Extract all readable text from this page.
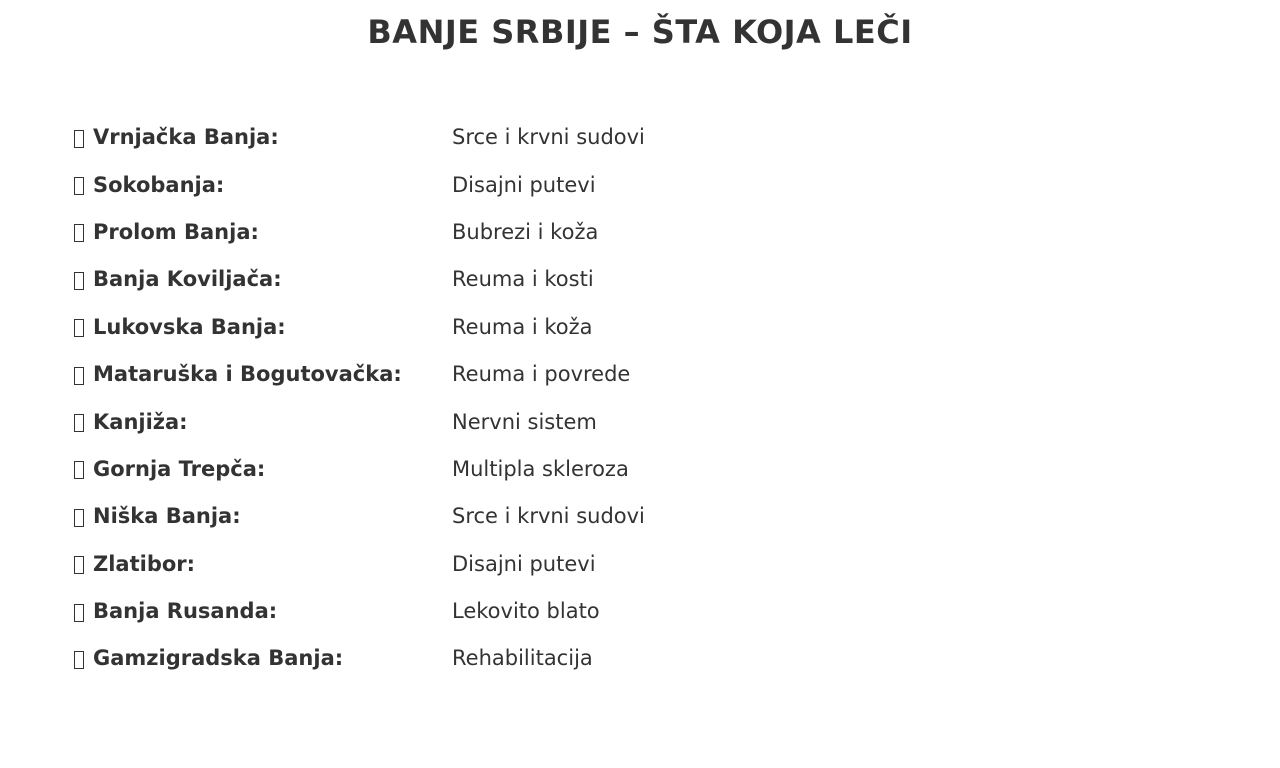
BANJE SRBIJE – ŠTA KOJA LEČI
Vrnjačka Banja:	Srce i krvni sudovi
Sokobanja:	Disajni putevi
Prolom Banja:	Bubrezi i koža
Banja Koviljača:	Reuma i kosti
Lukovska Banja:	Reuma i koža
Mataruška i Bogutovačka: Reuma i povrede
Kanjiža:	Nervni sistem
Gornja Trepča:	Multipla skleroza
Niška Banja:	Srce i krvni sudovi
Zlatibor:	Disajni putevi
Banja Rusanda:	Lekovito blato
Gamzigradska Banja:	Rehabilitacija
